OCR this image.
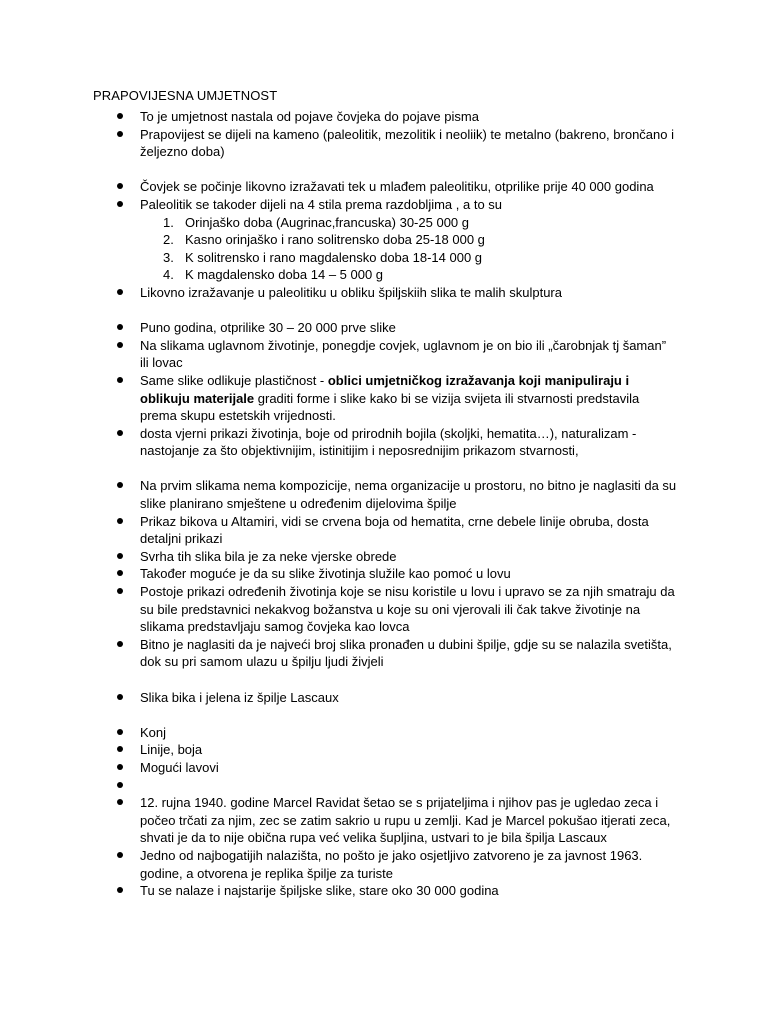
PRAPOVIJESNA UMJETNOST
To je umjetnost nastala od pojave čovjeka do pojave pisma
Prapovijest se dijeli na kameno (paleolitik, mezolitik i neoliik) te metalno (bakreno, brončano i željezno doba)
Čovjek se počinje likovno izražavati tek u mlađem paleolitiku, otprilike prije 40 000 godina
Paleolitik se takoder dijeli na 4 stila prema razdobljima , a to su
1. Orinjaško doba (Augrinac,francuska) 30-25 000 g
2. Kasno orinjaško i rano solitrensko doba 25-18 000 g
3. K solitrensko i rano magdalensko doba 18-14 000 g
4. K magdalensko doba 14 – 5 000 g
Likovno izražavanje u paleolitiku u obliku špiljskiih slika te malih skulptura
Puno godina, otprilike 30 – 20 000 prve slike
Na slikama uglavnom životinje, ponegdje covjek, uglavnom je on bio ili „čarobnjak tj šaman” ili lovac
Same slike odlikuje plastičnost - oblici umjetničkog izražavanja koji manipuliraju i oblikuju materijale graditi forme i slike kako bi se vizija svijeta ili stvarnosti predstavila prema skupu estetskih vrijednosti.
dosta vjerni prikazi životinja, boje od prirodnih bojila (skoljki, hematita…), naturalizam - nastojanje za što objektivnijim, istinitijim i neposrednijim prikazom stvarnosti,
Na prvim slikama nema kompozicije, nema organizacije u prostoru, no bitno je naglasiti da su slike planirano smještene u određenim dijelovima špilje
Prikaz bikova u Altamiri, vidi se crvena boja od hematita, crne debele linije obruba, dosta detaljni prikazi
Svrha tih slika bila je za neke vjerske obrede
Također moguće je da su slike životinja služile kao pomoć u lovu
Postoje prikazi određenih životinja koje se nisu koristile u lovu i upravo se za njih smatraju da su bile predstavnici nekakvog božanstva u koje su oni vjerovali ili čak takve životinje na slikama predstavljaju samog čovjeka kao lovca
Bitno je naglasiti da je najveći broj slika pronađen u dubini špilje, gdje su se nalazila svetišta, dok su pri samom ulazu u špilju ljudi živjeli
Slika bika i jelena iz špilje Lascaux
Konj
Linije, boja
Mogući lavovi
12. rujna 1940. godine Marcel Ravidat šetao se s prijateljima i njihov pas je ugledao zeca i počeo trčati za njim, zec se zatim sakrio u rupu u zemlji. Kad je Marcel pokušao itjerati zeca, shvati je da to nije obična rupa već velika šupljina, ustvari to je bila špilja Lascaux
Jedno od najbogatijih nalazišta, no pošto je jako osjetljivo zatvoreno je za javnost 1963. godine, a otvorena je replika špilje za turiste
Tu se nalaze i najstarije špiljske slike, stare oko 30 000 godina
